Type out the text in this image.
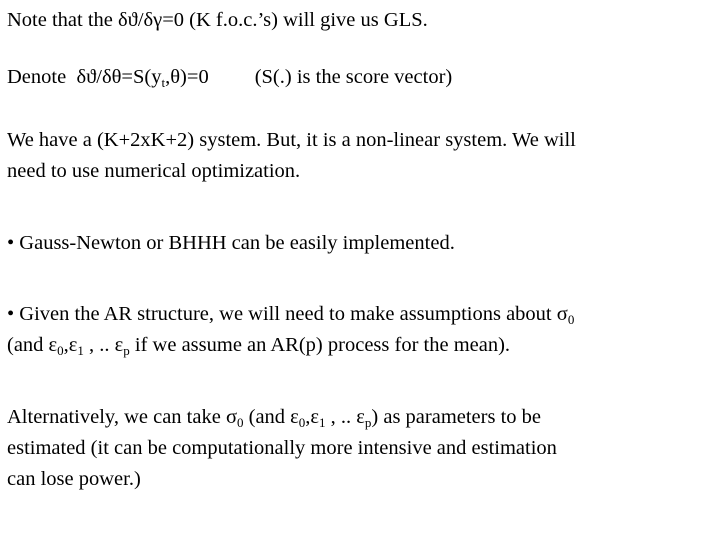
Note that the δϑ/δγ=0 (K f.o.c.’s) will give us GLS.

Denote $\delta ϑ/\delta\theta=S(y_t,\theta)=0$ (S(.) is the score vector)

We have a (K+2xK+2) system. But, it is a non-linear system. We will
need to use numerical optimization.

• Gauss-Newton or BHHH can be easily implemented.

• Given the AR structure, we will need to make assumptions about $\sigma_0$
(and $\varepsilon_0,\varepsilon_1$ , .. $\varepsilon_p$ if we assume an AR(p) process for the mean).
Alternatively, we can take $\sigma_0$ (and $\varepsilon_0,\varepsilon_1$ , .. $\varepsilon_p$) as parameters to be
estimated (it can be computationally more intensive and estimation
can lose power.)
